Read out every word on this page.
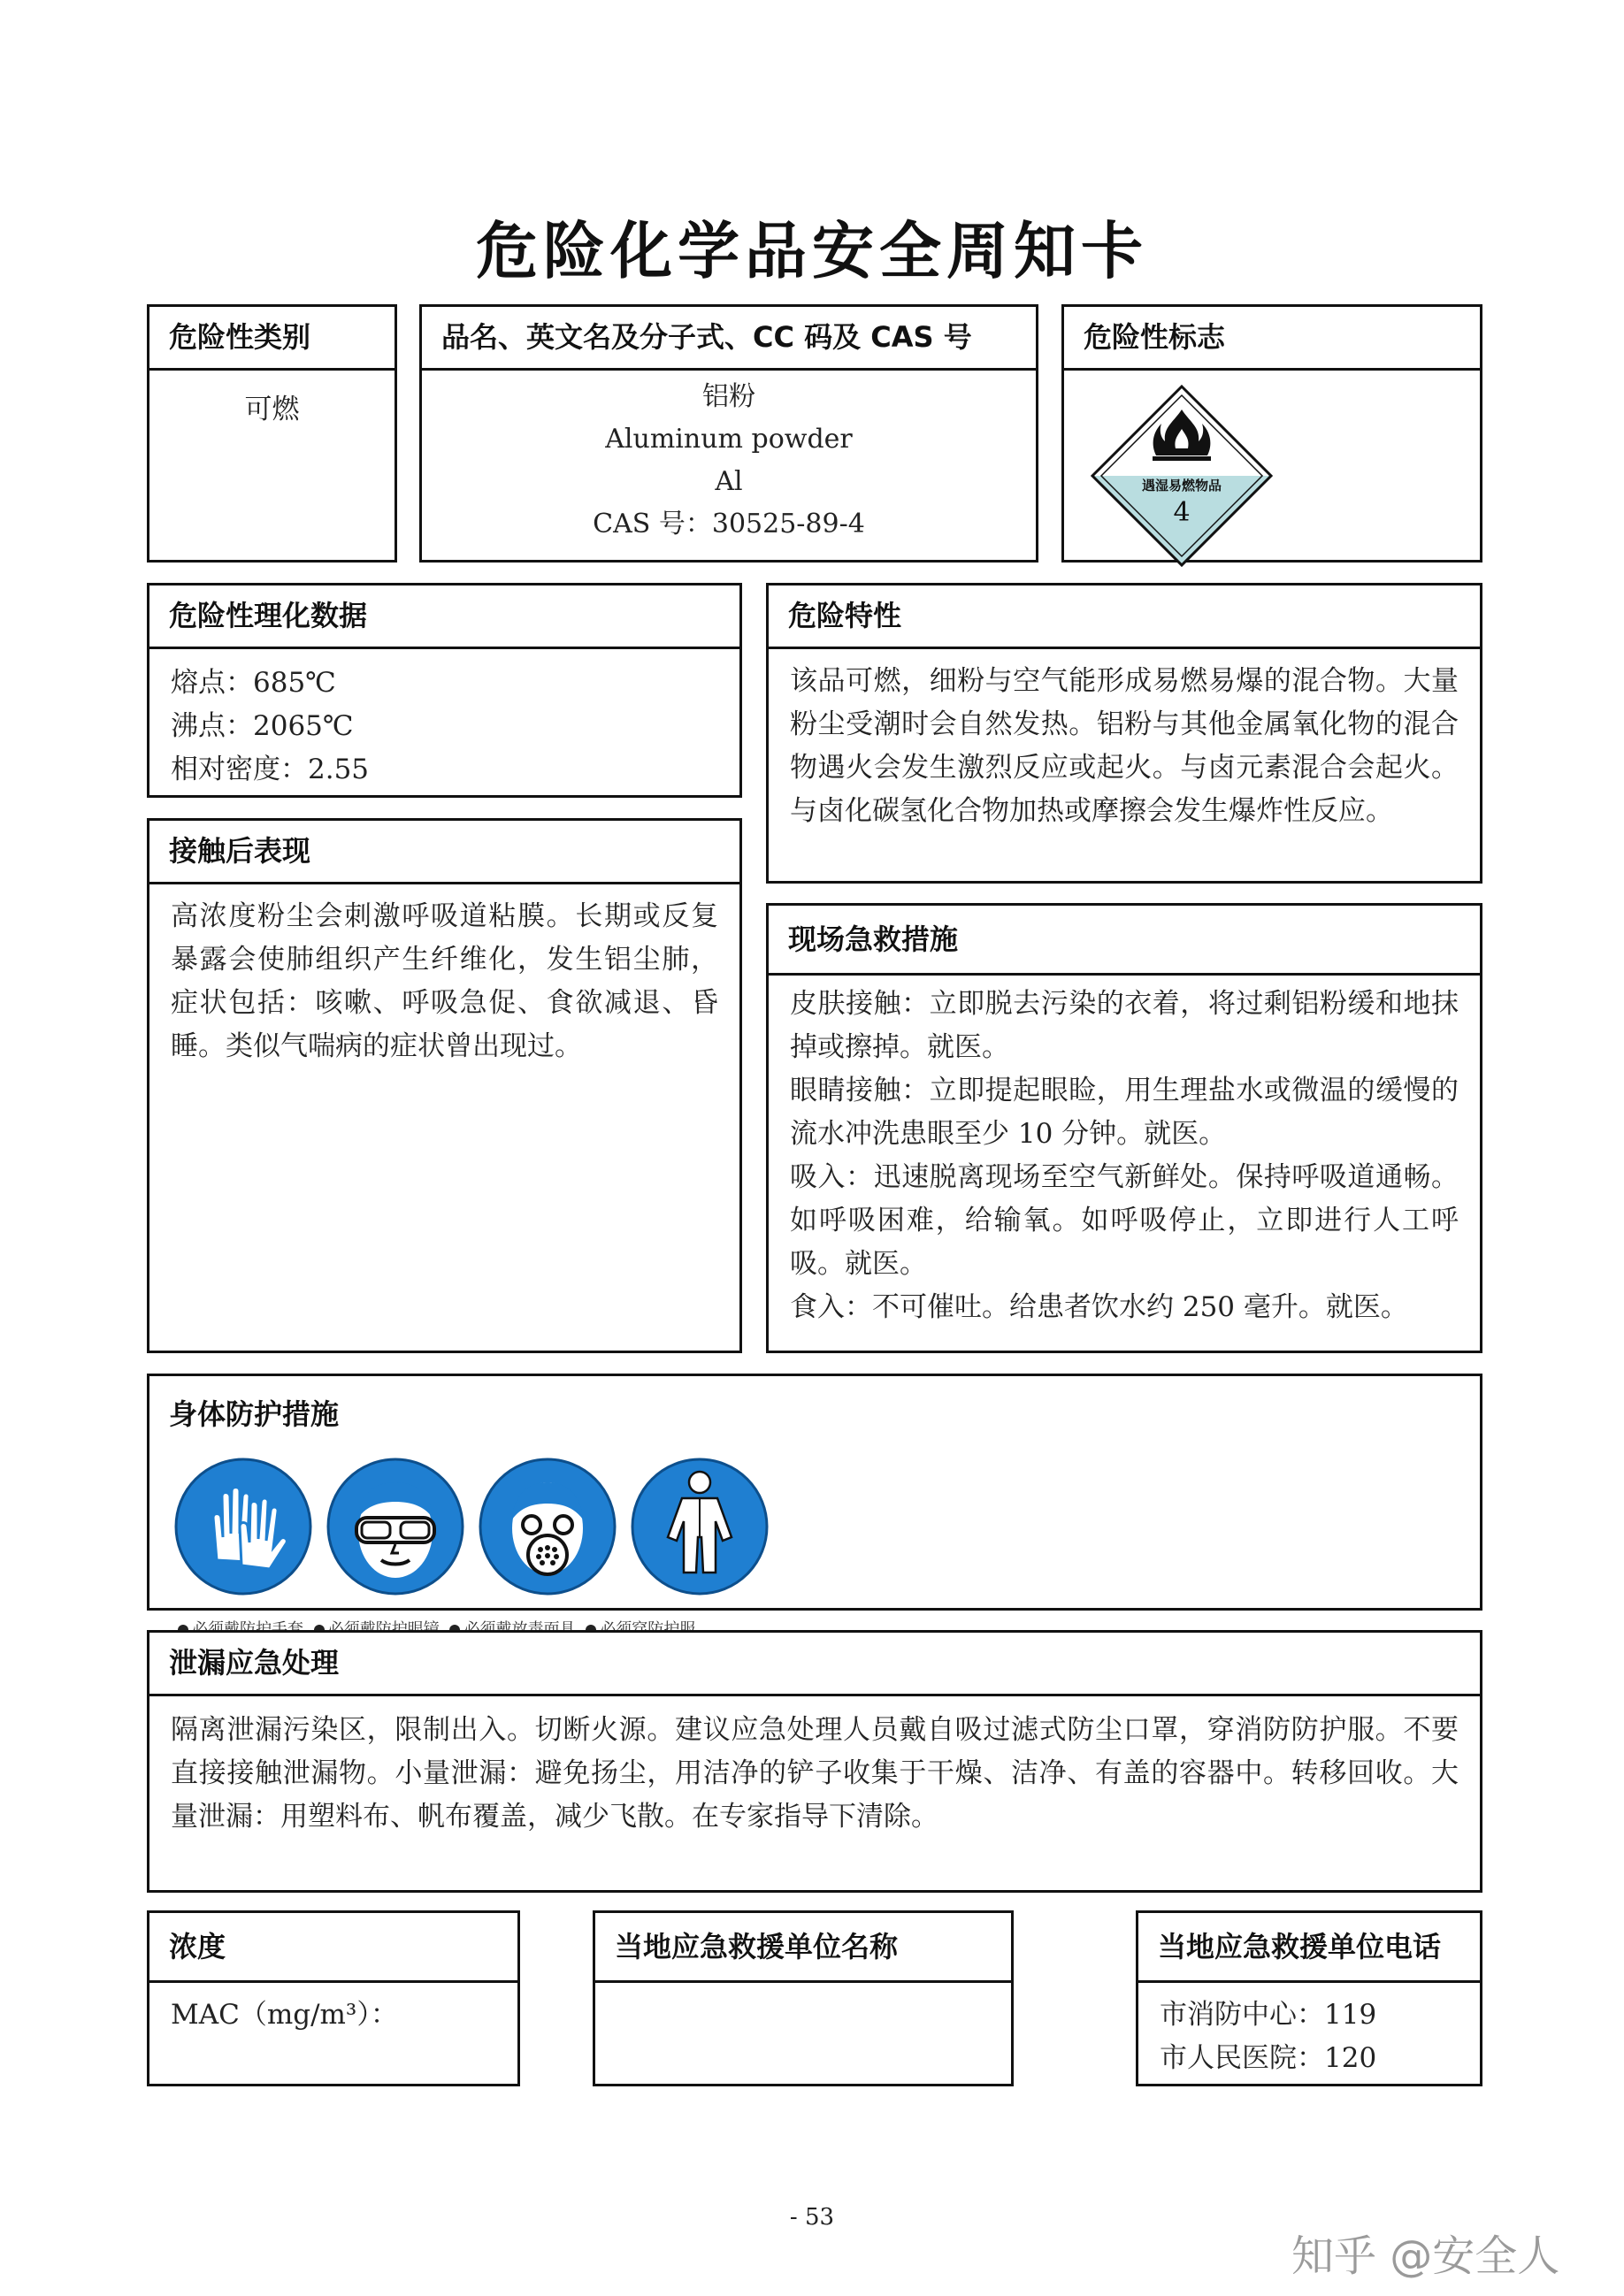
危险化学品安全周知卡
危险性类别
可燃
品名、英文名及分子式、CC 码及 CAS 号
铝粉
Aluminum powder
Al
CAS 号：30525-89-4
危险性标志
遇湿易燃物品
4
危险性理化数据
熔点：685℃
沸点：2065℃
相对密度：2.55
接触后表现
高浓度粉尘会刺激呼吸道粘膜。长期或反复暴露会使肺组织产生纤维化，发生铝尘肺，症状包括：咳嗽、呼吸急促、食欲减退、昏睡。类似气喘病的症状曾出现过。
危险特性
该品可燃，细粉与空气能形成易燃易爆的混合物。大量粉尘受潮时会自然发热。铝粉与其他金属氧化物的混合物遇火会发生激烈反应或起火。与卤元素混合会起火。与卤化碳氢化合物加热或摩擦会发生爆炸性反应。
现场急救措施
皮肤接触：立即脱去污染的衣着，将过剩铝粉缓和地抹掉或擦掉。就医。
眼睛接触：立即提起眼睑，用生理盐水或微温的缓慢的流水冲洗患眼至少 10 分钟。就医。
吸入：迅速脱离现场至空气新鲜处。保持呼吸道通畅。如呼吸困难，给输氧。如呼吸停止，立即进行人工呼吸。就医。
食入：不可催吐。给患者饮水约 250 毫升。就医。
身体防护措施

泄漏应急处理
隔离泄漏污染区，限制出入。切断火源。建议应急处理人员戴自吸过滤式防尘口罩，穿消防防护服。不要直接接触泄漏物。小量泄漏：避免扬尘，用洁净的铲子收集于干燥、洁净、有盖的容器中。转移回收。大量泄漏：用塑料布、帆布覆盖，减少飞散。在专家指导下清除。
浓度
MAC（mg/m³）：
当地应急救援单位名称	当地应急救援单位电话
市消防中心：119
市人民医院：120
- 53
知乎 @安全人
